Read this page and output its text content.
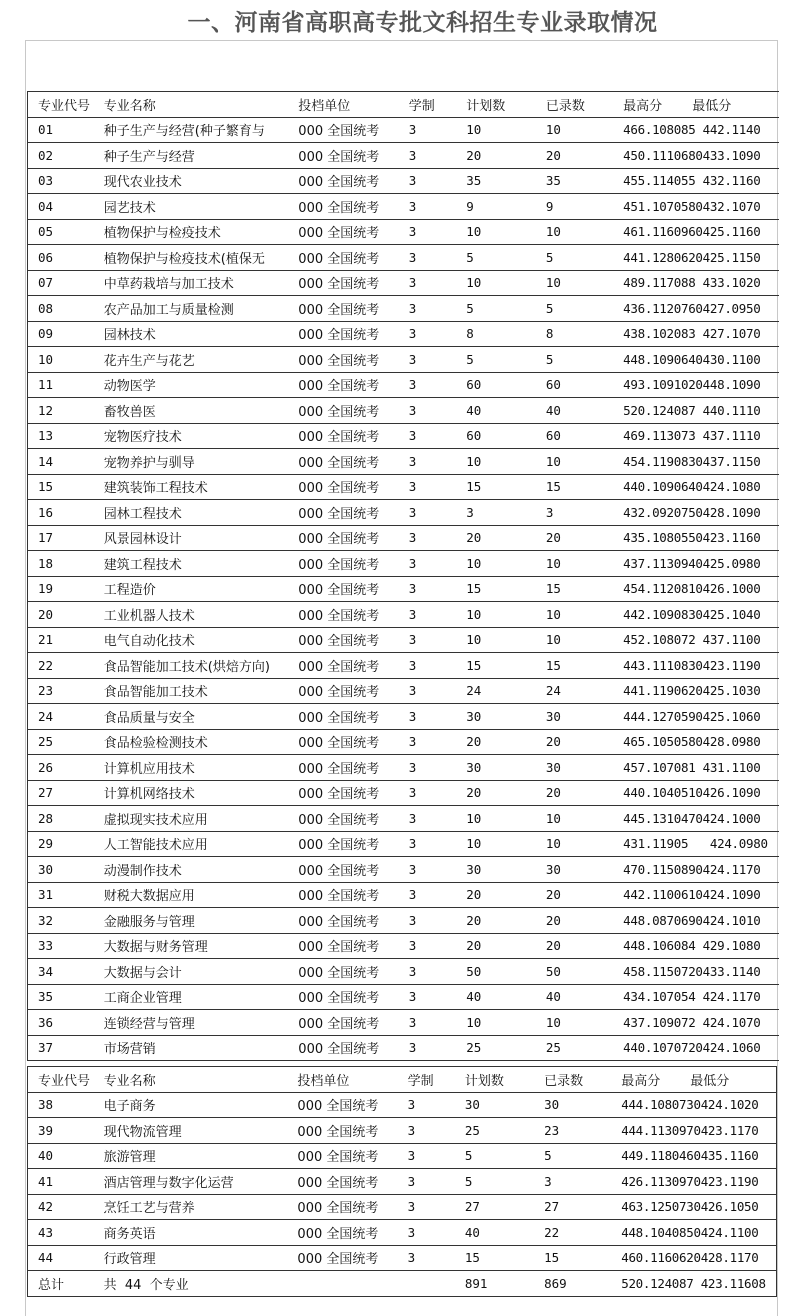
一、河南省高职高专批文科招生专业录取情况
专业代号	专业名称	投档单位	学制	计划数	已录数	最高分 最低分
01	种子生产与经营(种子繁育与	000 全国统考	3	10	10	466.108085 442.1140
02	种子生产与经营	000 全国统考	3	20	20	450.1110680433.1090
03	现代农业技术	000 全国统考	3	35	35	455.114055 432.1160
04	园艺技术	000 全国统考	3	9	9	451.1070580432.1070
05	植物保护与检疫技术	000 全国统考	3	10	10	461.1160960425.1160
06	植物保护与检疫技术(植保无	000 全国统考	3	5	5	441.1280620425.1150
07	中草药栽培与加工技术	000 全国统考	3	10	10	489.117088 433.1020
08	农产品加工与质量检测	000 全国统考	3	5	5	436.1120760427.0950
09	园林技术	000 全国统考	3	8	8	438.102083 427.1070
10	花卉生产与花艺	000 全国统考	3	5	5	448.1090640430.1100
11	动物医学	000 全国统考	3	60	60	493.1091020448.1090
12	畜牧兽医	000 全国统考	3	40	40	520.124087 440.1110
13	宠物医疗技术	000 全国统考	3	60	60	469.113073 437.1110
14	宠物养护与驯导	000 全国统考	3	10	10	454.1190830437.1150
15	建筑装饰工程技术	000 全国统考	3	15	15	440.1090640424.1080
16	园林工程技术	000 全国统考	3	3	3	432.0920750428.1090
17	风景园林设计	000 全国统考	3	20	20	435.1080550423.1160
18	建筑工程技术	000 全国统考	3	10	10	437.1130940425.0980
19	工程造价	000 全国统考	3	15	15	454.1120810426.1000
20	工业机器人技术	000 全国统考	3	10	10	442.1090830425.1040
21	电气自动化技术	000 全国统考	3	10	10	452.108072 437.1100
22	食品智能加工技术(烘焙方向)	000 全国统考	3	15	15	443.1110830423.1190
23	食品智能加工技术	000 全国统考	3	24	24	441.1190620425.1030
24	食品质量与安全	000 全国统考	3	30	30	444.1270590425.1060
25	食品检验检测技术	000 全国统考	3	20	20	465.1050580428.0980
26	计算机应用技术	000 全国统考	3	30	30	457.107081 431.1100
27	计算机网络技术	000 全国统考	3	20	20	440.1040510426.1090
28	虚拟现实技术应用	000 全国统考	3	10	10	445.1310470424.1000
29	人工智能技术应用	000 全国统考	3	10	10	431.11905   424.0980
30	动漫制作技术	000 全国统考	3	30	30	470.1150890424.1170
31	财税大数据应用	000 全国统考	3	20	20	442.1100610424.1090
32	金融服务与管理	000 全国统考	3	20	20	448.0870690424.1010
33	大数据与财务管理	000 全国统考	3	20	20	448.106084 429.1080
34	大数据与会计	000 全国统考	3	50	50	458.1150720433.1140
35	工商企业管理	000 全国统考	3	40	40	434.107054 424.1170
36	连锁经营与管理	000 全国统考	3	10	10	437.109072 424.1070
37	市场营销	000 全国统考	3	25	25	440.1070720424.1060
专业代号	专业名称	投档单位	学制	计划数	已录数	最高分 最低分
38	电子商务	000 全国统考	3	30	30	444.1080730424.1020
39	现代物流管理	000 全国统考	3	25	23	444.1130970423.1170
40	旅游管理	000 全国统考	3	5	5	449.1180460435.1160
41	酒店管理与数字化运营	000 全国统考	3	5	3	426.1130970423.1190
42	烹饪工艺与营养	000 全国统考	3	27	27	463.1250730426.1050
43	商务英语	000 全国统考	3	40	22	448.1040850424.1100
44	行政管理	000 全国统考	3	15	15	460.1160620428.1170
总计	共  44  个专业			891	869	520.124087 423.11608
